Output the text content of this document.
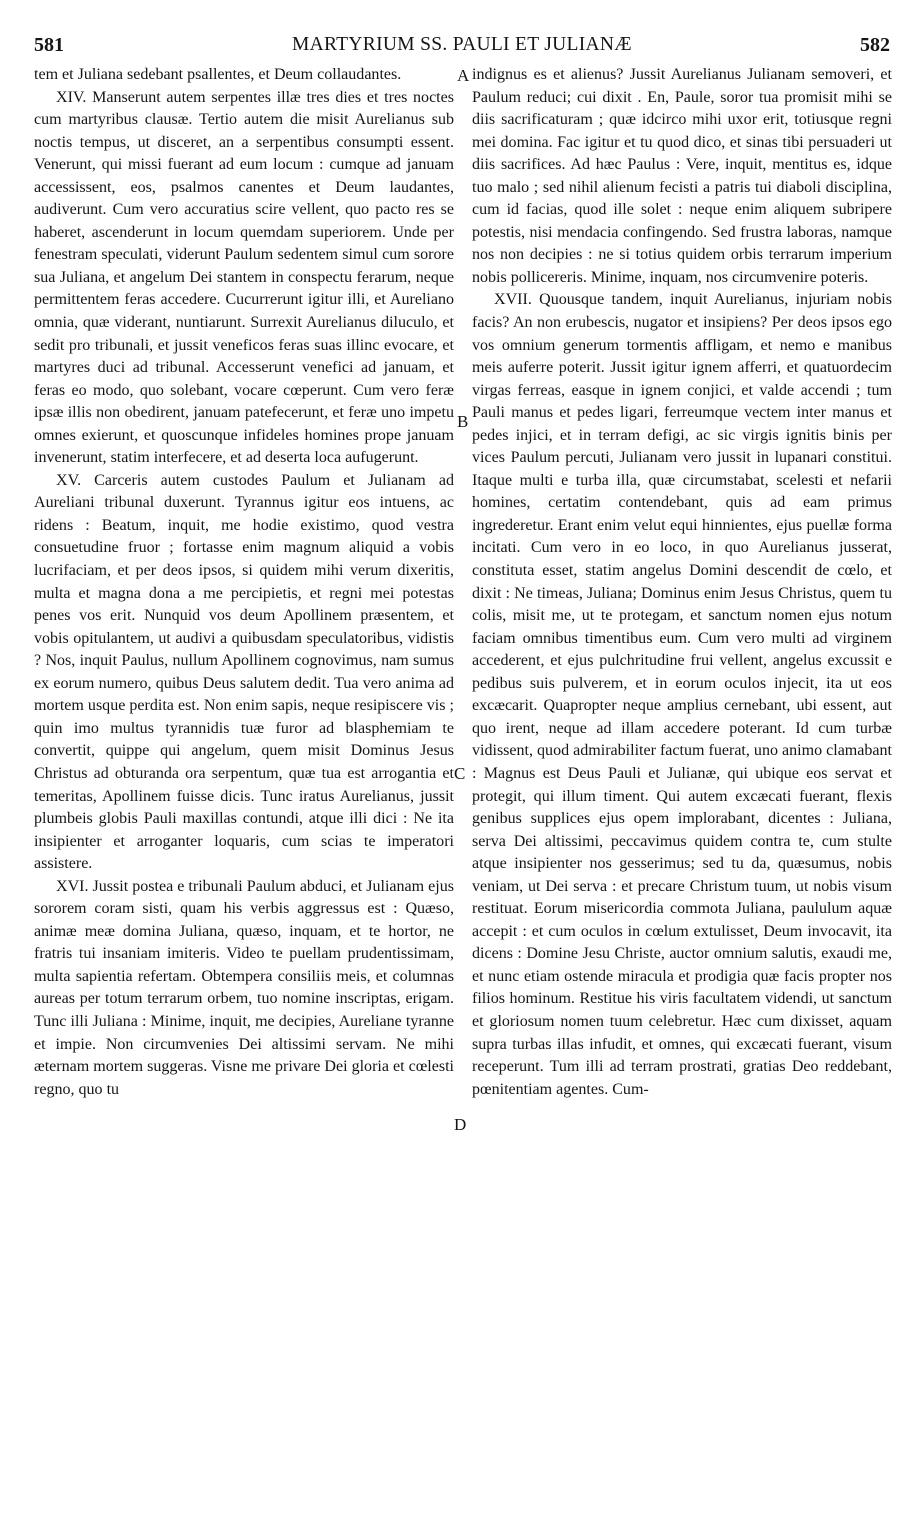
581	MARTYRIUM SS. PAULI ET JULIANÆ	582

tem et Juliana sedebant psallentes, et Deum collaudantes.

XIV. Manserunt autem serpentes illæ tres dies et tres noctes cum martyribus clausæ. Tertio autem die misit Aurelianus sub noctis tempus, ut disceret, an a serpentibus consumpti essent. Venerunt, qui missi fuerant ad eum locum : cumque ad januam accessissent, eos, psalmos canentes et Deum laudantes, audiverunt. Cum vero accuratius scire vellent, quo pacto res se haberet, ascenderunt in locum quemdam superiorem. Unde per fenestram speculati, viderunt Paulum sedentem simul cum sorore sua Juliana, et angelum Dei stantem in conspectu ferarum, neque permittentem feras accedere. Cucurrerunt igitur illi, et Aureliano omnia, quæ viderant, nuntiarunt. Surrexit Aurelianus diluculo, et sedit pro tribunali, et jussit veneficos feras suas illinc evocare, et martyres duci ad tribunal. Accesserunt venefici ad januam, et feras eo modo, quo solebant, vocare cœperunt. Cum vero feræ ipsæ illis non obedirent, januam patefecerunt, et feræ uno impetu omnes exierunt, et quoscunque infideles homines prope januam invenerunt, statim interfecere, et ad deserta loca aufugerunt.

XV. Carceris autem custodes Paulum et Julianam ad Aureliani tribunal duxerunt. Tyrannus igitur eos intuens, ac ridens : Beatum, inquit, me hodie existimo, quod vestra consuetudine fruor ; fortasse enim magnum aliquid a vobis lucrifaciam, et per deos ipsos, si quidem mihi verum dixeritis, multa et magna dona a me percipietis, et regni mei potestas penes vos erit. Nunquid vos deum Apollinem præsentem, et vobis opitulantem, ut audivi a quibusdam speculatoribus, vidistis ? Nos, inquit Paulus, nullum Apollinem cognovimus, nam sumus ex eorum numero, quibus Deus salutem dedit. Tua vero anima ad mortem usque perdita est. Non enim sapis, neque resipiscere vis ; quin imo multus tyrannidis tuæ furor ad blasphemiam te convertit, quippe qui angelum, quem misit Dominus Jesus Christus ad obturanda ora serpentum, quæ tua est arrogantia et temeritas, Apollinem fuisse dicis. Tunc iratus Aurelianus, jussit plumbeis globis Pauli maxillas contundi, atque illi dici : Ne ita insipienter et arroganter loquaris, cum scias te imperatori assistere.

XVI. Jussit postea e tribunali Paulum abduci, et Julianam ejus sororem coram sisti, quam his verbis aggressus est : Quæso, animæ meæ domina Juliana, quæso, inquam, et te hortor, ne fratris tui insaniam imiteris. Video te puellam prudentissimam, multa sapientia refertam. Obtempera consiliis meis, et columnas aureas per totum terrarum orbem, tuo nomine inscriptas, erigam. Tunc illi Juliana : Minime, inquit, me decipies, Aureliane tyranne et impie. Non circumvenies Dei altissimi servam. Ne mihi æternam mortem suggeras. Visne me privare Dei gloria et cœlesti regno, quo tu

A
B
C
D

indignus es et alienus? Jussit Aurelianus Julianam semoveri, et Paulum reduci; cui dixit . En, Paule, soror tua promisit mihi se diis sacrificaturam ; quæ idcirco mihi uxor erit, totiusque regni mei domina. Fac igitur et tu quod dico, et sinas tibi persuaderi ut diis sacrifices. Ad hæc Paulus : Vere, inquit, mentitus es, idque tuo malo ; sed nihil alienum fecisti a patris tui diaboli disciplina, cum id facias, quod ille solet : neque enim aliquem subripere potestis, nisi mendacia confingendo. Sed frustra laboras, namque nos non decipies : ne si totius quidem orbis terrarum imperium nobis pollicereris. Minime, inquam, nos circumvenire poteris.

XVII. Quousque tandem, inquit Aurelianus, injuriam nobis facis? An non erubescis, nugator et insipiens? Per deos ipsos ego vos omnium generum tormentis affligam, et nemo e manibus meis auferre poterit. Jussit igitur ignem afferri, et quatuordecim virgas ferreas, easque in ignem conjici, et valde accendi ; tum Pauli manus et pedes ligari, ferreumque vectem inter manus et pedes injici, et in terram defigi, ac sic virgis ignitis binis per vices Paulum percuti, Julianam vero jussit in lupanari constitui. Itaque multi e turba illa, quæ circumstabat, scelesti et nefarii homines, certatim contendebant, quis ad eam primus ingrederetur. Erant enim velut equi hinnientes, ejus puellæ forma incitati. Cum vero in eo loco, in quo Aurelianus jusserat, constituta esset, statim angelus Domini descendit de cœlo, et dixit : Ne timeas, Juliana; Dominus enim Jesus Christus, quem tu colis, misit me, ut te protegam, et sanctum nomen ejus notum faciam omnibus timentibus eum. Cum vero multi ad virginem accederent, et ejus pulchritudine frui vellent, angelus excussit e pedibus suis pulverem, et in eorum oculos injecit, ita ut eos excæcarit. Quapropter neque amplius cernebant, ubi essent, aut quo irent, neque ad illam accedere poterant. Id cum turbæ vidissent, quod admirabiliter factum fuerat, uno animo clamabant : Magnus est Deus Pauli et Julianæ, qui ubique eos servat et protegit, qui illum timent. Qui autem excæcati fuerant, flexis genibus supplices ejus opem implorabant, dicentes : Juliana, serva Dei altissimi, peccavimus quidem contra te, cum stulte atque insipienter nos gesserimus; sed tu da, quæsumus, nobis veniam, ut Dei serva : et precare Christum tuum, ut nobis visum restituat. Eorum misericordia commota Juliana, paululum aquæ accepit : et cum oculos in cœlum extulisset, Deum invocavit, ita dicens : Domine Jesu Christe, auctor omnium salutis, exaudi me, et nunc etiam ostende miracula et prodigia quæ facis propter nos filios hominum. Restitue his viris facultatem videndi, ut sanctum et gloriosum nomen tuum celebretur. Hæc cum dixisset, aquam supra turbas illas infudit, et omnes, qui excæcati fuerant, visum receperunt. Tum illi ad terram prostrati, gratias Deo reddebant, pœnitentiam agentes. Cum-
